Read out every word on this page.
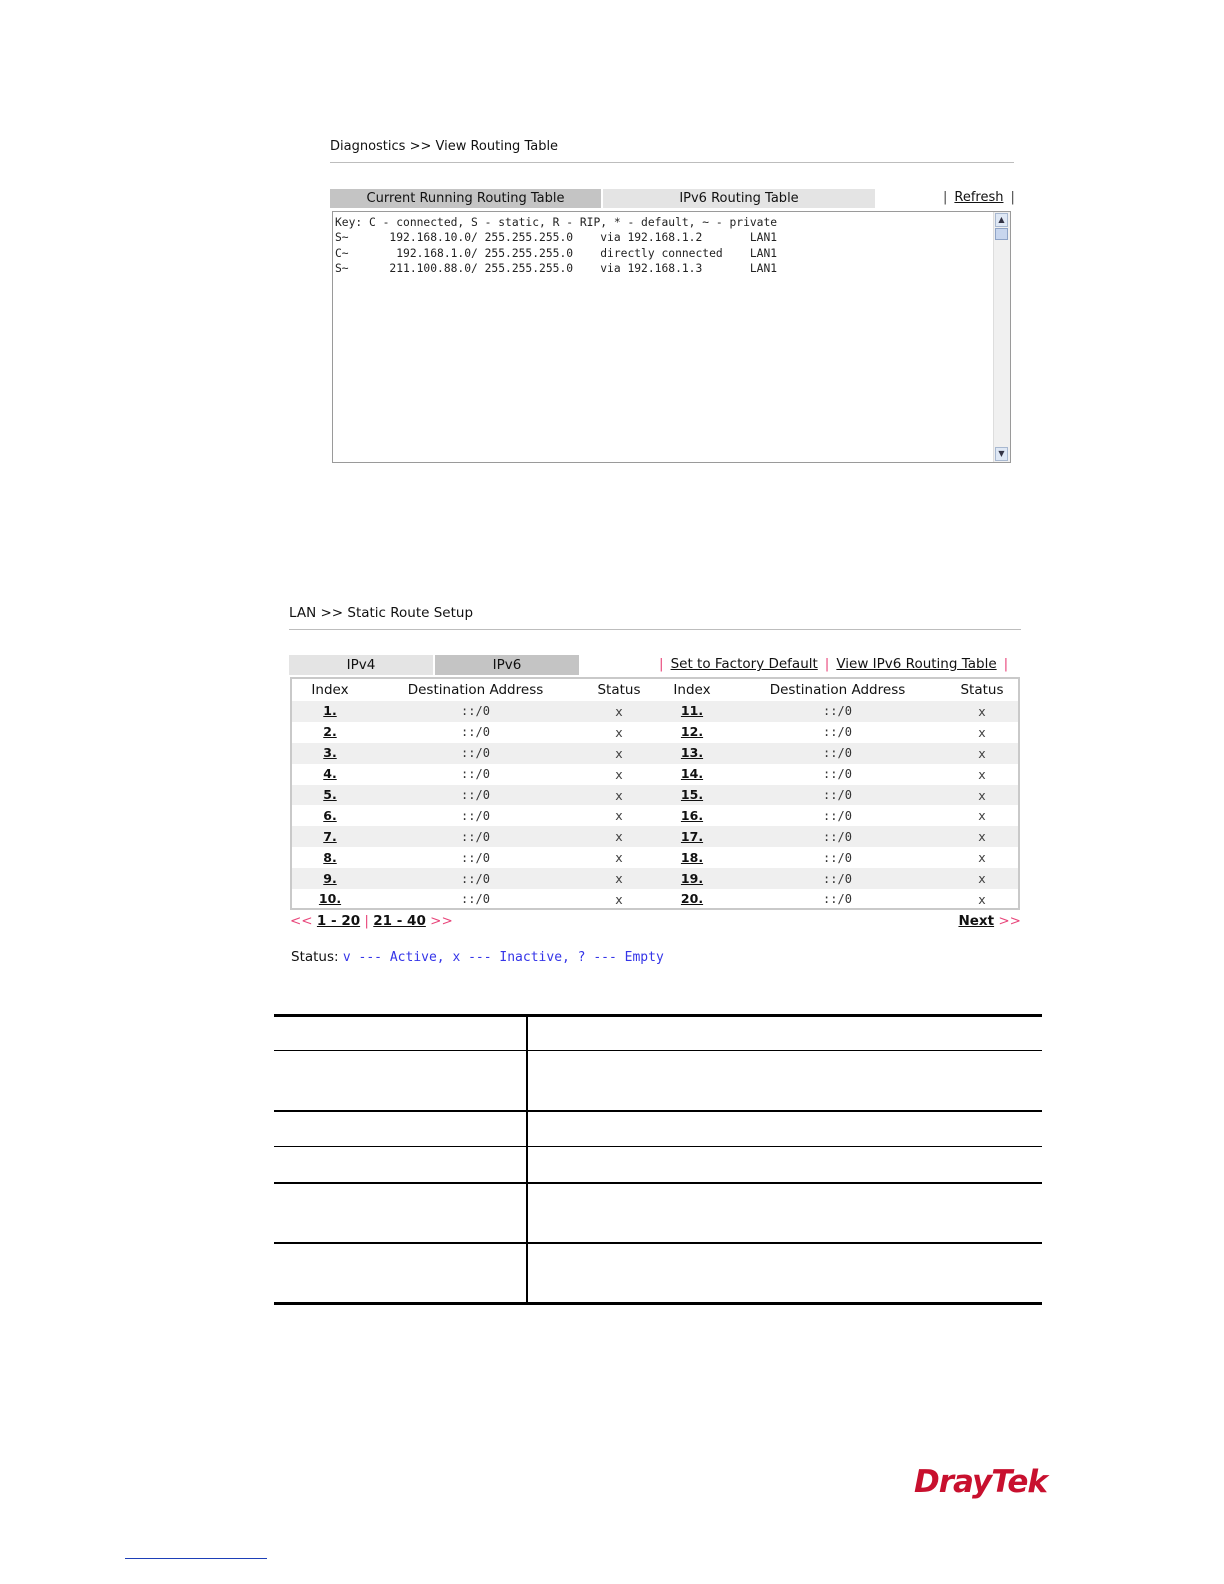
Diagnostics >> View Routing Table
Current Running Routing Table	IPv6 Routing Table	| Refresh |
Key: C - connected, S - static, R - RIP, * - default, ~ - private
S~      192.168.10.0/ 255.255.255.0    via 192.168.1.2       LAN1
C~       192.168.1.0/ 255.255.255.0    directly connected    LAN1
S~      211.100.88.0/ 255.255.255.0    via 192.168.1.3       LAN1
▲
▼
LAN >> Static Route Setup
IPv4	IPv6	| Set to Factory Default | View IPv6 Routing Table |
Index	Destination Address	Status	Index	Destination Address	Status
1.	::/0	x	11.	::/0	x
2.	::/0	x	12.	::/0	x
3.	::/0	x	13.	::/0	x
4.	::/0	x	14.	::/0	x
5.	::/0	x	15.	::/0	x
6.	::/0	x	16.	::/0	x
7.	::/0	x	17.	::/0	x
8.	::/0	x	18.	::/0	x
9.	::/0	x	19.	::/0	x
10.	::/0	x	20.	::/0	x
<< 1 - 20 | 21 - 40 >>	Next >>
Status: v --- Active, x --- Inactive, ? --- Empty
DrayTek
